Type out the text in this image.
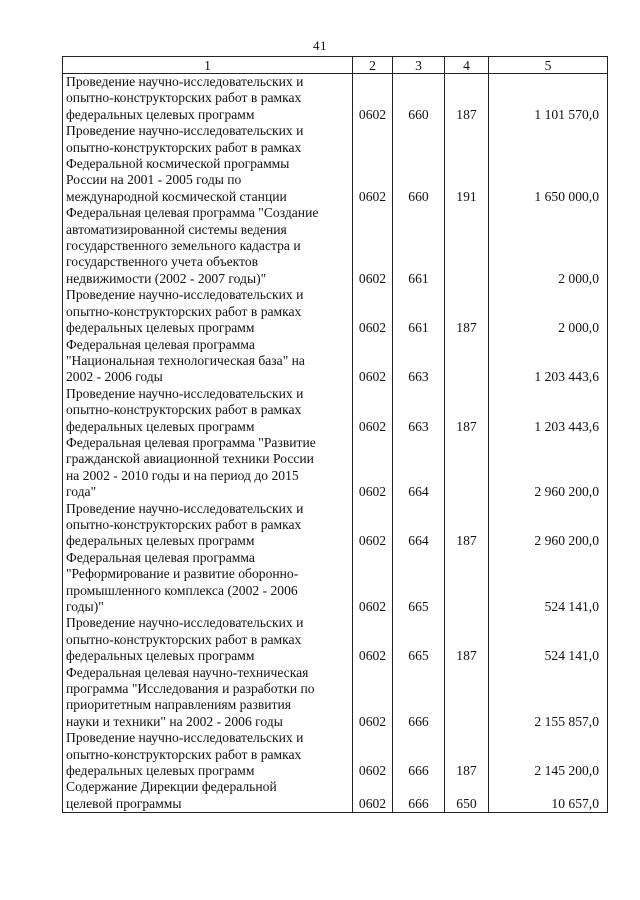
41
1	2	3	4	5

Проведение научно-исследовательских и
опытно-конструкторских работ в рамках
федеральных целевых программ	0602	660	187	1 101 570,0

Проведение научно-исследовательских и
опытно-конструкторских работ в рамках
Федеральной космической программы
России на 2001 - 2005 годы по
международной космической станции	0602	660	191	1 650 000,0

Федеральная целевая программа "Создание
автоматизированной системы ведения
государственного земельного кадастра и
государственного учета объектов
недвижимости (2002 - 2007 годы)"	0602	661		2 000,0

Проведение научно-исследовательских и
опытно-конструкторских работ в рамках
федеральных целевых программ	0602	661	187	2 000,0

Федеральная целевая программа
"Национальная технологическая база" на
2002 - 2006 годы	0602	663		1 203 443,6

Проведение научно-исследовательских и
опытно-конструкторских работ в рамках
федеральных целевых программ	0602	663	187	1 203 443,6

Федеральная целевая программа "Развитие
гражданской авиационной техники России
на 2002 - 2010 годы и на период до 2015
года"	0602	664		2 960 200,0

Проведение научно-исследовательских и
опытно-конструкторских работ в рамках
федеральных целевых программ	0602	664	187	2 960 200,0

Федеральная целевая программа
"Реформирование и развитие оборонно-
промышленного комплекса (2002 - 2006
годы)"	0602	665		524 141,0

Проведение научно-исследовательских и
опытно-конструкторских работ в рамках
федеральных целевых программ	0602	665	187	524 141,0

Федеральная целевая научно-техническая
программа "Исследования и разработки по
приоритетным направлениям развития
науки и техники" на 2002 - 2006 годы	0602	666		2 155 857,0

Проведение научно-исследовательских и
опытно-конструкторских работ в рамках
федеральных целевых программ	0602	666	187	2 145 200,0

Содержание Дирекции федеральной
целевой программы	0602	666	650	10 657,0
